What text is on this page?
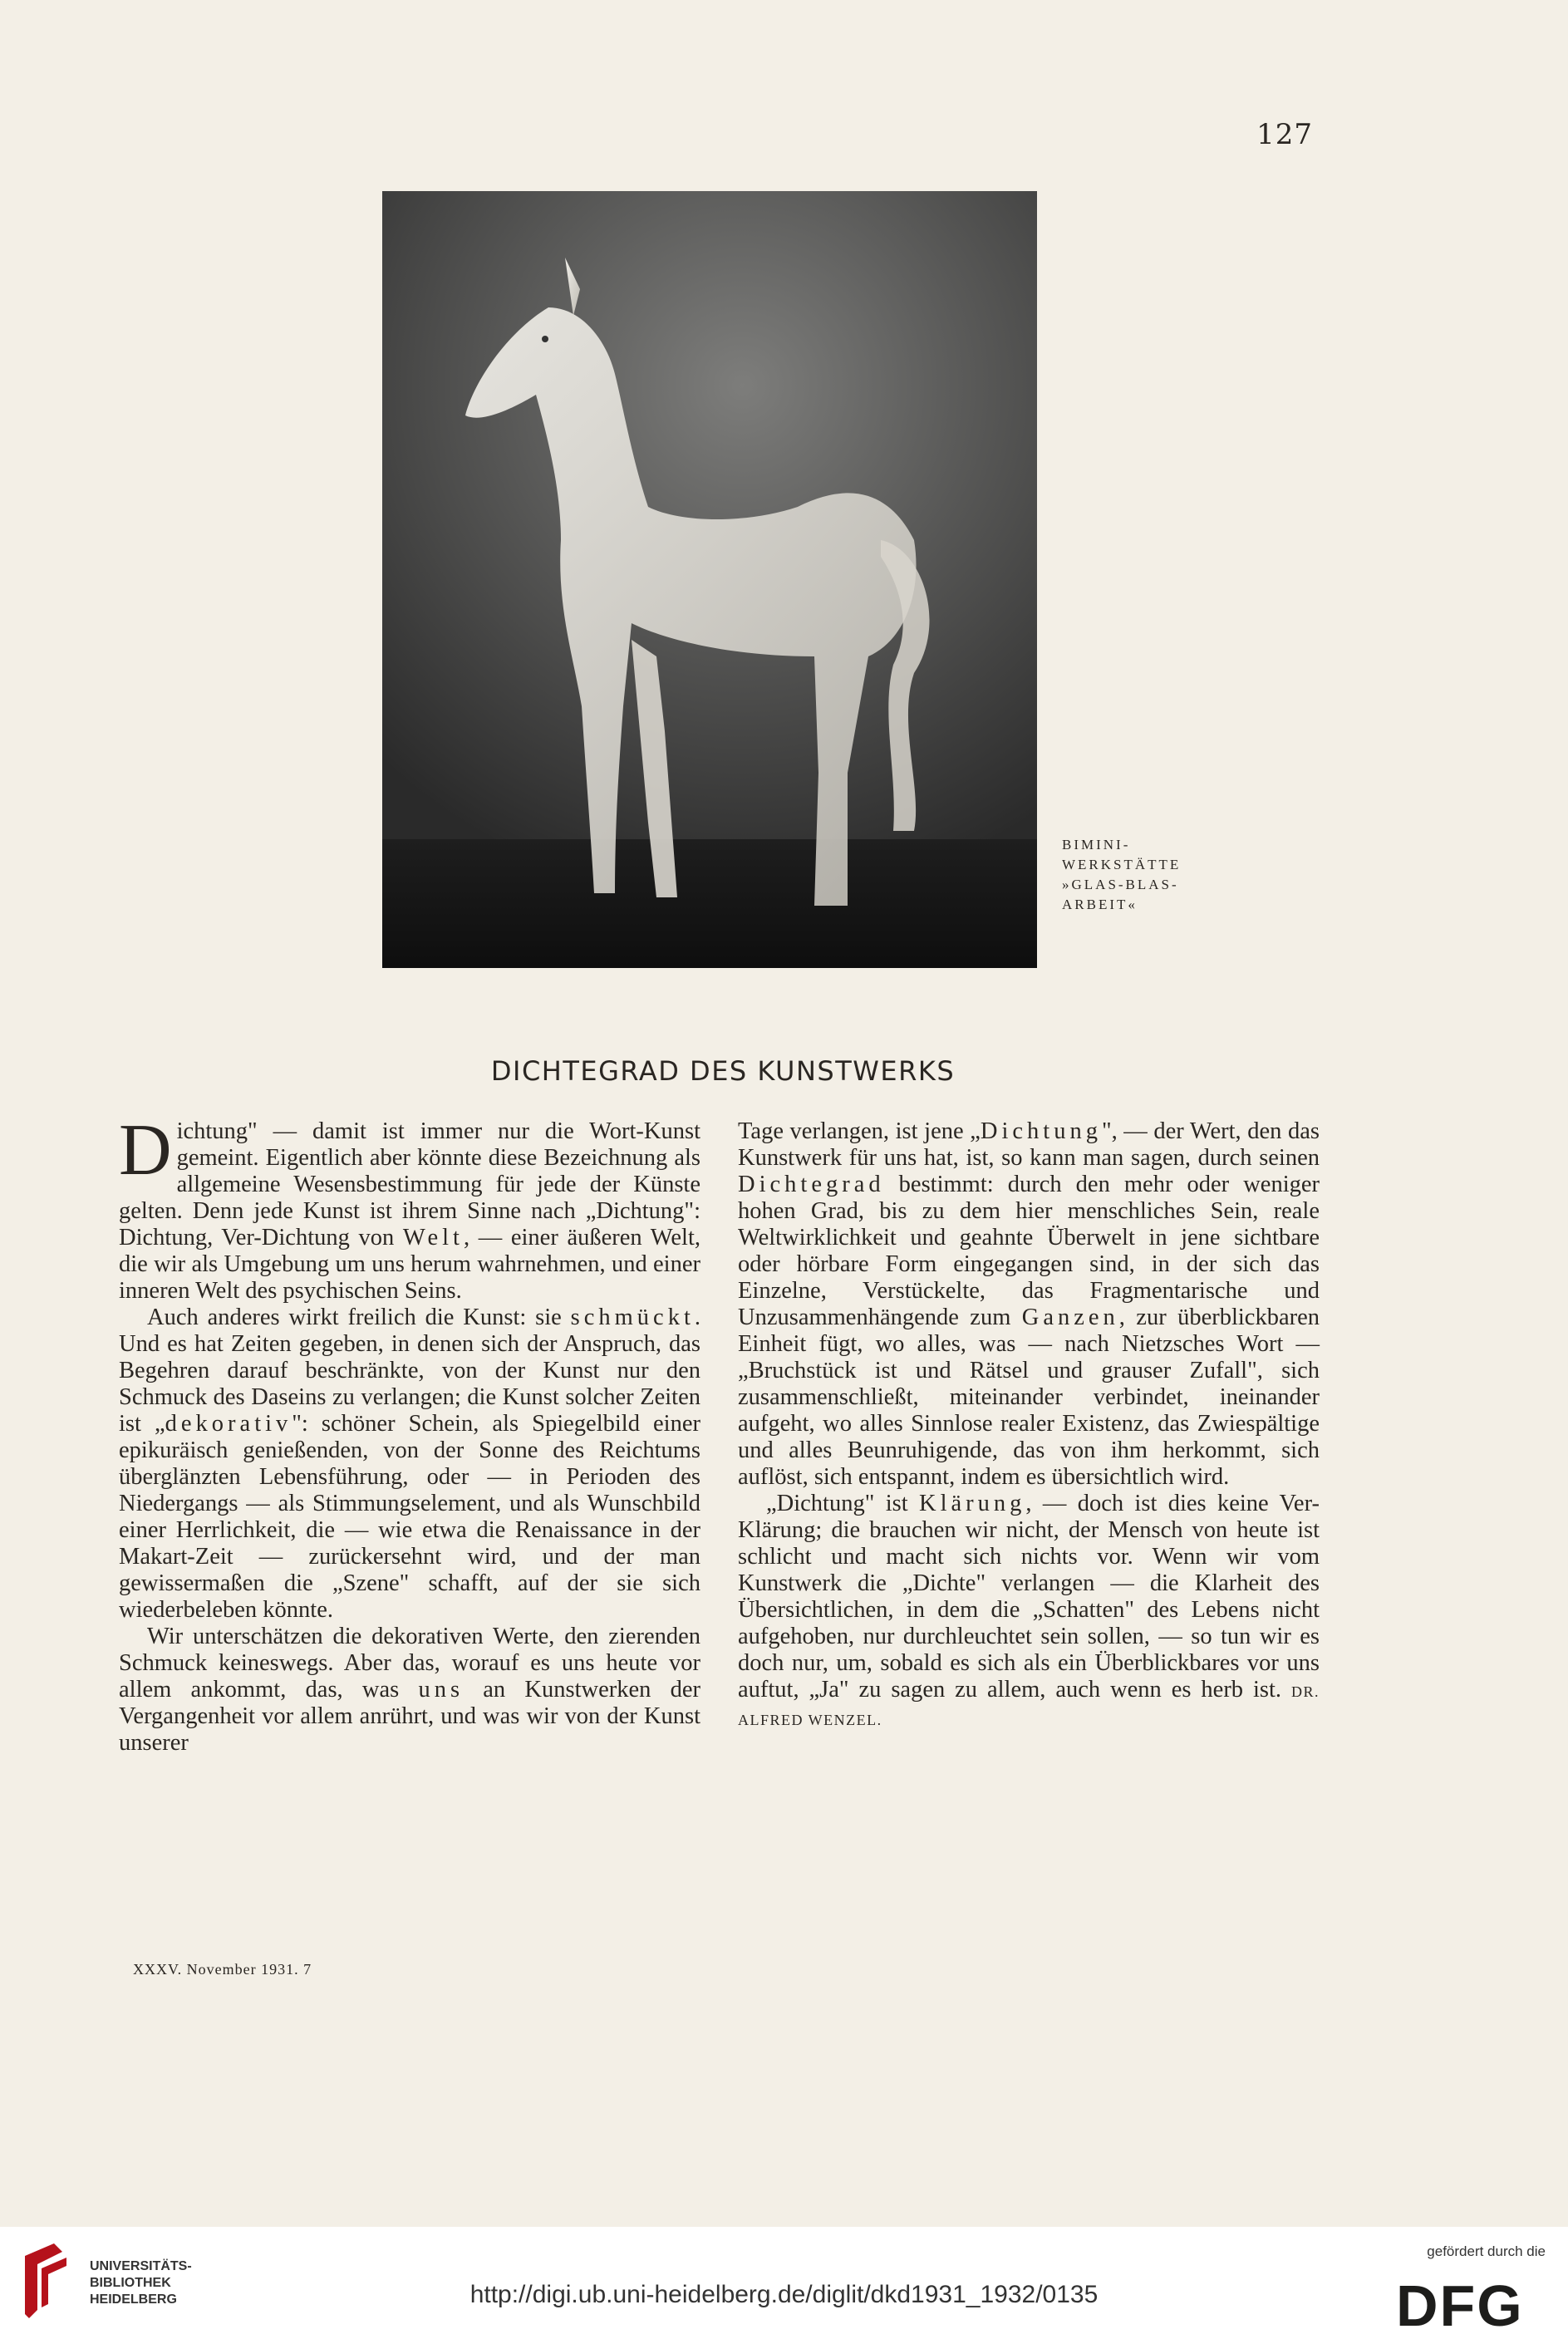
127
BIMINI-
WERKSTÄTTE
»GLAS-BLAS-
ARBEIT«
DICHTEGRAD DES KUNSTWERKS

Dichtung" — damit ist immer nur die Wort-Kunst gemeint. Eigentlich aber könnte diese Bezeichnung als allgemeine Wesensbestimmung für jede der Künste gelten. Denn jede Kunst ist ihrem Sinne nach „Dichtung": Dichtung, Ver-Dichtung von Welt, — einer äußeren Welt, die wir als Umgebung um uns herum wahrnehmen, und einer inneren Welt des psychischen Seins.

Auch anderes wirkt freilich die Kunst: sie schmückt. Und es hat Zeiten gegeben, in denen sich der Anspruch, das Begehren darauf beschränkte, von der Kunst nur den Schmuck des Daseins zu verlangen; die Kunst solcher Zeiten ist „dekorativ": schöner Schein, als Spiegelbild einer epikuräisch genießenden, von der Sonne des Reichtums überglänzten Lebensführung, oder — in Perioden des Niedergangs — als Stimmungselement, und als Wunschbild einer Herrlichkeit, die — wie etwa die Renaissance in der Makart-Zeit — zurückersehnt wird, und der man gewissermaßen die „Szene" schafft, auf der sie sich wiederbeleben könnte.

Wir unterschätzen die dekorativen Werte, den zierenden Schmuck keineswegs. Aber das, worauf es uns heute vor allem ankommt, das, was uns an Kunstwerken der Vergangenheit vor allem anrührt, und was wir von der Kunst unserer

Tage verlangen, ist jene „Dichtung", — der Wert, den das Kunstwerk für uns hat, ist, so kann man sagen, durch seinen Dichtegrad bestimmt: durch den mehr oder weniger hohen Grad, bis zu dem hier menschliches Sein, reale Weltwirklichkeit und geahnte Überwelt in jene sichtbare oder hörbare Form eingegangen sind, in der sich das Einzelne, Verstückelte, das Fragmentarische und Unzusammenhängende zum Ganzen, zur überblickbaren Einheit fügt, wo alles, was — nach Nietzsches Wort — „Bruchstück ist und Rätsel und grauser Zufall", sich zusammenschließt, miteinander verbindet, ineinander aufgeht, wo alles Sinnlose realer Existenz, das Zwiespältige und alles Beunruhigende, das von ihm herkommt, sich auflöst, sich entspannt, indem es übersichtlich wird.

„Dichtung" ist Klärung, — doch ist dies keine Ver-Klärung; die brauchen wir nicht, der Mensch von heute ist schlicht und macht sich nichts vor. Wenn wir vom Kunstwerk die „Dichte" verlangen — die Klarheit des Übersichtlichen, in dem die „Schatten" des Lebens nicht aufgehoben, nur durchleuchtet sein sollen, — so tun wir es doch nur, um, sobald es sich als ein Überblickbares vor uns auftut, „Ja" zu sagen zu allem, auch wenn es herb ist. DR. ALFRED WENZEL.

XXXV. November 1931. 7
UNIVERSITÄTS-
BIBLIOTHEK
HEIDELBERG	http://digi.ub.uni-heidelberg.de/diglit/dkd1931_1932/0135
gefördert durch die
DFG
